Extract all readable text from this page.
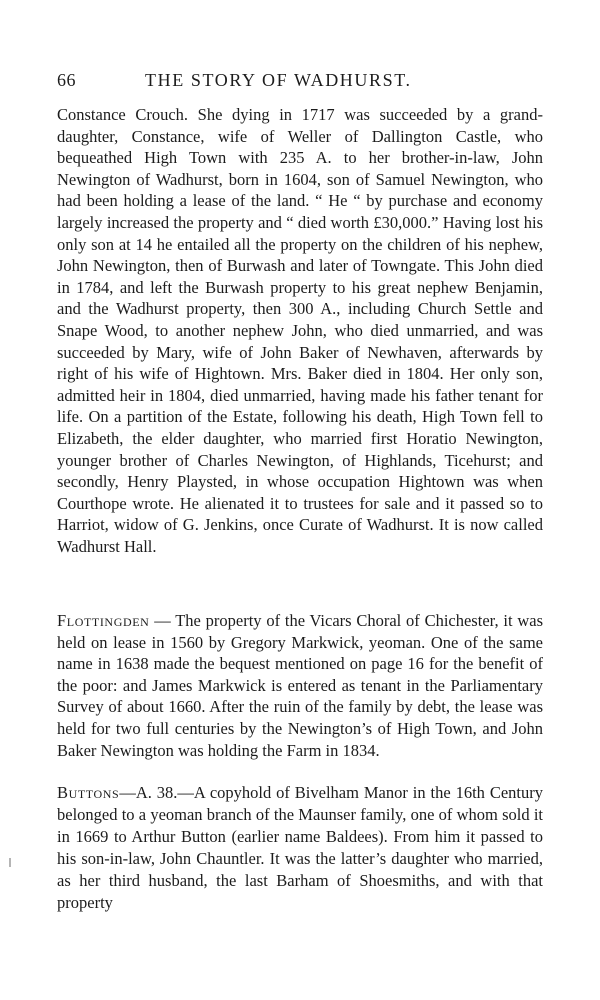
66	THE STORY OF WADHURST.

Constance Crouch. She dying in 1717 was succeeded by a grand-daughter, Constance, wife of Weller of Dallington Castle, who bequeathed High Town with 235 A. to her brother-in-law, John Newington of Wadhurst, born in 1604, son of Samuel Newington, who had been holding a lease of the land. “ He “ by purchase and economy largely increased the property and “ died worth £30,000.” Having lost his only son at 14 he entailed all the property on the children of his nephew, John Newington, then of Burwash and later of Towngate. This John died in 1784, and left the Burwash property to his great nephew Benjamin, and the Wadhurst property, then 300 A., including Church Settle and Snape Wood, to another nephew John, who died unmarried, and was succeeded by Mary, wife of John Baker of Newhaven, afterwards by right of his wife of Hightown. Mrs. Baker died in 1804. Her only son, admitted heir in 1804, died unmarried, having made his father tenant for life. On a partition of the Estate, following his death, High Town fell to Elizabeth, the elder daughter, who married first Horatio Newington, younger brother of Charles Newington, of Highlands, Ticehurst; and secondly, Henry Playsted, in whose occupation Hightown was when Courthope wrote. He alienated it to trustees for sale and it passed so to Harriot, widow of G. Jenkins, once Curate of Wadhurst. It is now called Wadhurst Hall.

Flottingden — The property of the Vicars Choral of Chichester, it was held on lease in 1560 by Gregory Markwick, yeoman. One of the same name in 1638 made the bequest mentioned on page 16 for the benefit of the poor: and James Markwick is entered as tenant in the Parliamentary Survey of about 1660. After the ruin of the family by debt, the lease was held for two full centuries by the Newington’s of High Town, and John Baker Newington was holding the Farm in 1834.

Buttons—A. 38.—A copyhold of Bivelham Manor in the 16th Century belonged to a yeoman branch of the Maunser family, one of whom sold it in 1669 to Arthur Button (earlier name Baldees). From him it passed to his son-in-law, John Chauntler. It was the latter’s daughter who married, as her third husband, the last Barham of Shoesmiths, and with that property
